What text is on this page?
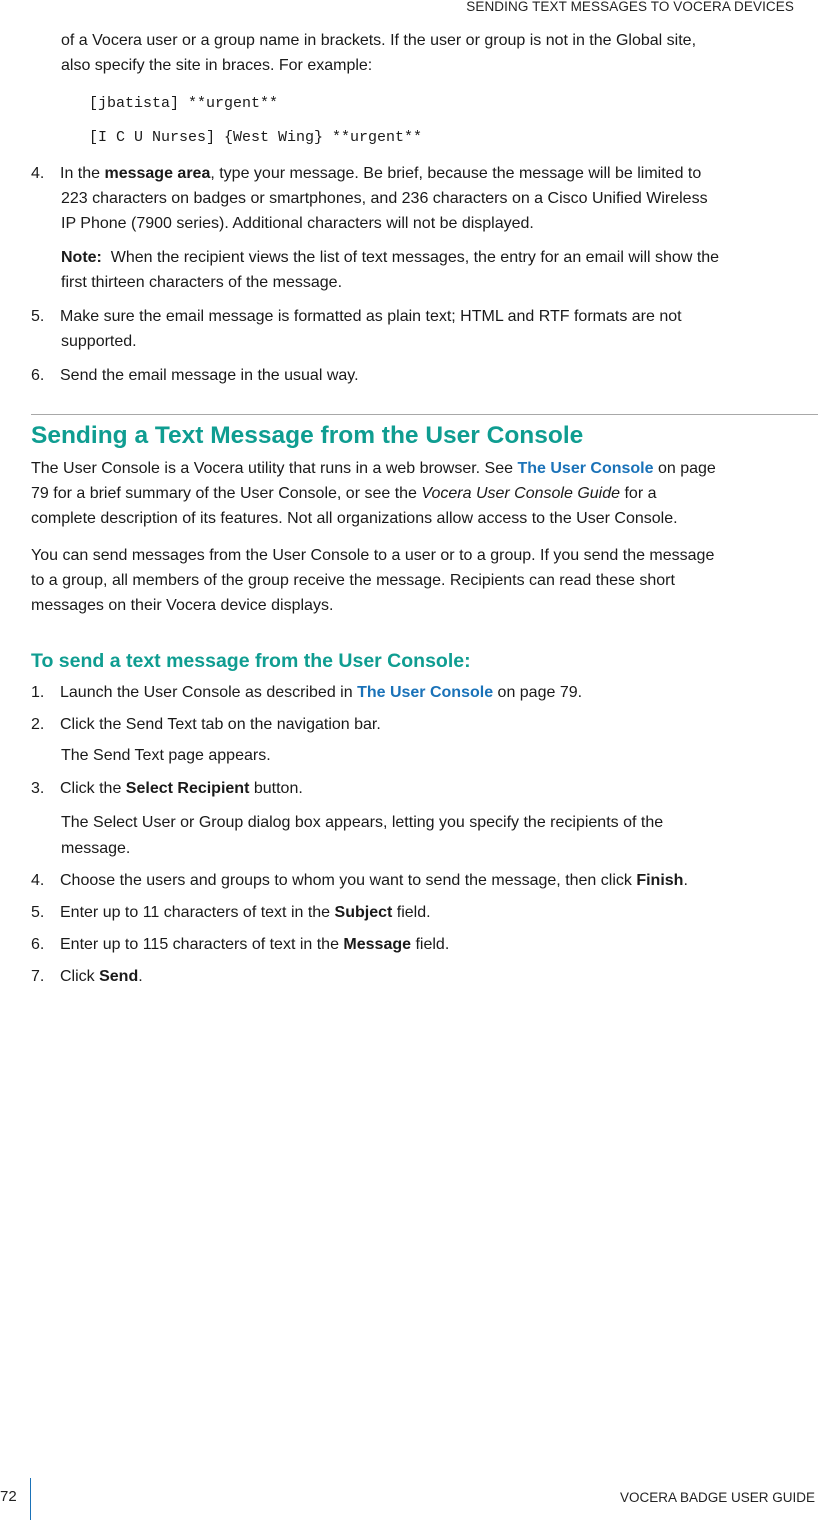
SENDING TEXT MESSAGES TO VOCERA DEVICES

of a Vocera user or a group name in brackets. If the user or group is not in the Global site,

also specify the site in braces. For example:

[jbatista] **urgent**

[I C U Nurses] {West Wing} **urgent**

4. In the message area, type your message. Be brief, because the message will be limited to

223 characters on badges or smartphones, and 236 characters on a Cisco Unified Wireless

IP Phone (7900 series). Additional characters will not be displayed.

Note: When the recipient views the list of text messages, the entry for an email will show the

first thirteen characters of the message.

5. Make sure the email message is formatted as plain text; HTML and RTF formats are not

supported.

6. Send the email message in the usual way.

Sending a Text Message from the User Console

The User Console is a Vocera utility that runs in a web browser. See The User Console on page

79 for a brief summary of the User Console, or see the Vocera User Console Guide for a

complete description of its features. Not all organizations allow access to the User Console.

You can send messages from the User Console to a user or to a group. If you send the message

to a group, all members of the group receive the message. Recipients can read these short

messages on their Vocera device displays.

To send a text message from the User Console:

1. Launch the User Console as described in The User Console on page 79.

2. Click the Send Text tab on the navigation bar.

The Send Text page appears.

3. Click the Select Recipient button.

The Select User or Group dialog box appears, letting you specify the recipients of the

message.

4. Choose the users and groups to whom you want to send the message, then click Finish.

5. Enter up to 11 characters of text in the Subject field.

6. Enter up to 115 characters of text in the Message field.

7. Click Send.

72	VOCERA BADGE USER GUIDE
